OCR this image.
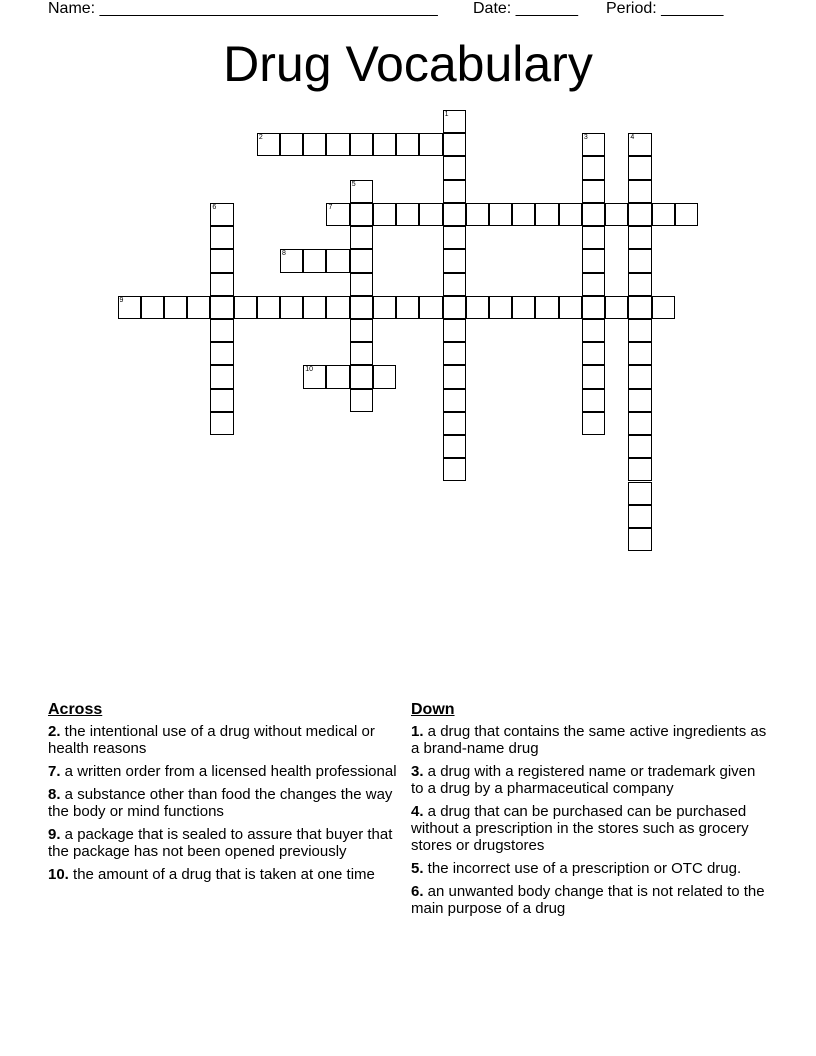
Name: ______________________________________ Date: _______ Period: _______
Drug Vocabulary
1
2	3	4
5
6	7
8
9
10
Across
2. the intentional use of a drug without medical or health reasons
7. a written order from a licensed health professional
8. a substance other than food the changes the way the body or mind functions
9. a package that is sealed to assure that buyer that the package has not been opened previously
10. the amount of a drug that is taken at one time
Down
1. a drug that contains the same active ingredients as a brand-name drug
3. a drug with a registered name or trademark given to a drug by a pharmaceutical company
4. a drug that can be purchased can be purchased without a prescription in the stores such as grocery stores or drugstores
5. the incorrect use of a prescription or OTC drug.
6. an unwanted body change that is not related to the main purpose of a drug
